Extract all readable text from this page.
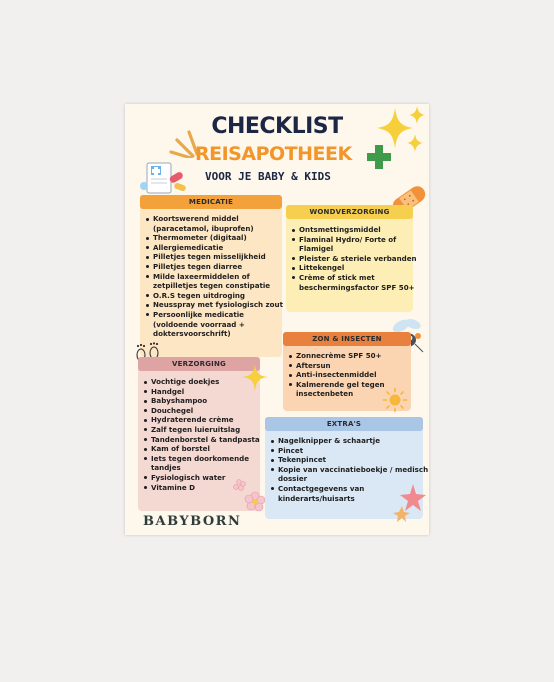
CHECKLIST
REISAPOTHEEK
VOOR JE BABY & KIDS
MEDICATIE
Koortswerend middel
(paracetamol, ibuprofen)
Thermometer (digitaal)
Allergiemedicatie
Pilletjes tegen misselijkheid
Pilletjes tegen diarree
Milde laxeermiddelen of
zetpilletjes tegen constipatie
O.R.S tegen uitdroging
Neusspray met fysiologisch zout
Persoonlijke medicatie
(voldoende voorraad +
doktersvoorschrift)
WONDVERZORGING
Ontsmettingsmiddel
Flaminal Hydro/ Forte of
Flamigel
Pleister & steriele verbanden
Littekengel
Crème of stick met
beschermingsfactor SPF 50+
ZON & INSECTEN
Zonnecrème SPF 50+
Aftersun
Anti-insectenmiddel
Kalmerende gel tegen
insectenbeten
VERZORGING
Vochtige doekjes
Handgel
Babyshampoo
Douchegel
Hydraterende crème
Zalf tegen luieruitslag
Tandenborstel & tandpasta
Kam of borstel
Iets tegen doorkomende
tandjes
Fysiologisch water
Vitamine D
EXTRA'S
Nagelknipper & schaartje
Pincet
Tekenpincet
Kopie van vaccinatieboekje / medisch
dossier
Contactgegevens van
kinderarts/huisarts
BABYBORN
